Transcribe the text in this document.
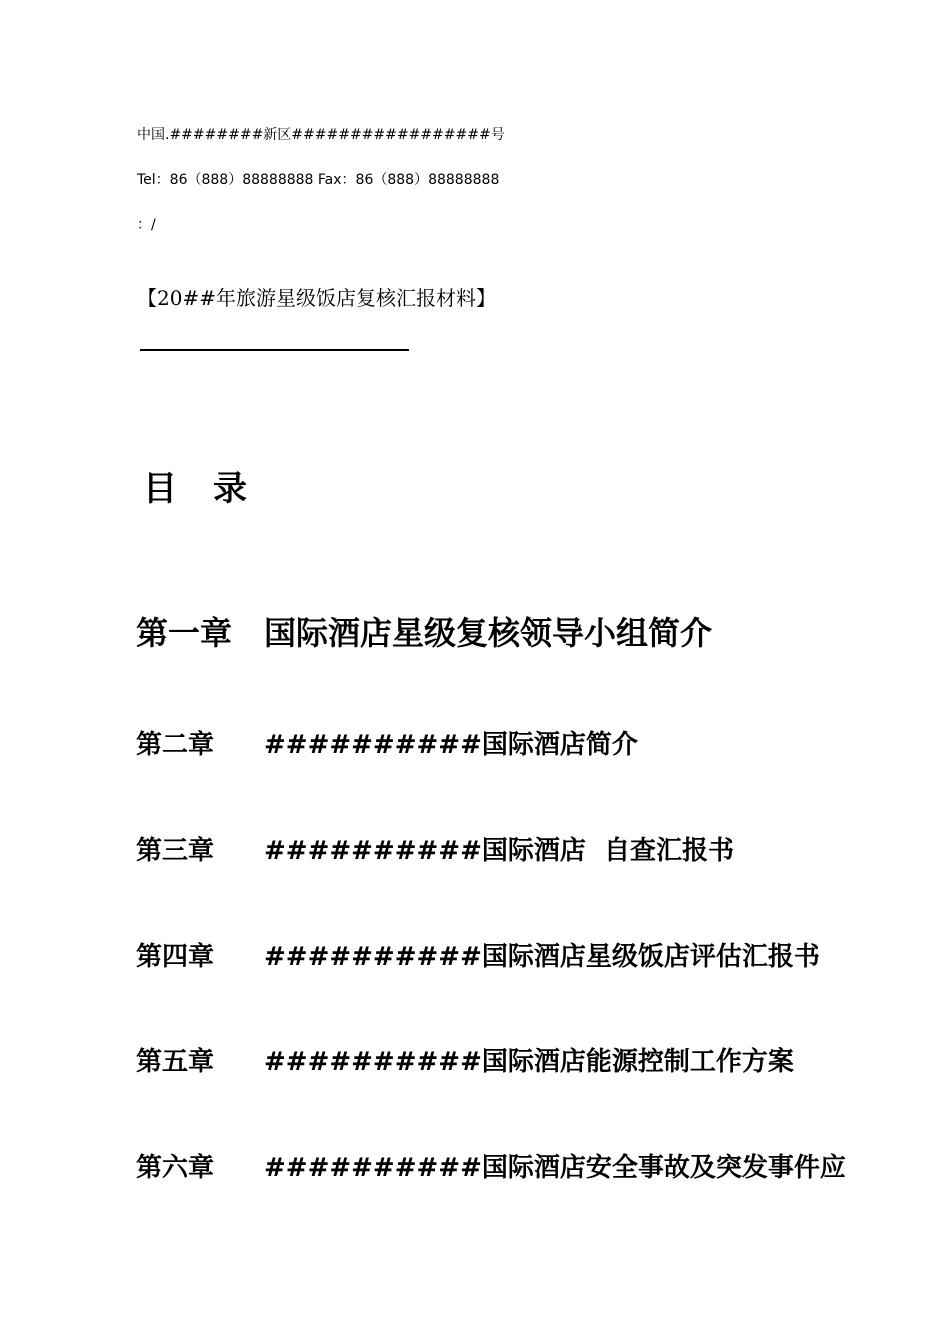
中国.########新区#################号
Tel：86（888）88888888 Fax：86（888）88888888
：/
【20##年旅游星级饭店复核汇报材料】
目 录
第一章 国际酒店星级复核领导小组简介
第二章 ##########国际酒店简介
第三章 ##########国际酒店  自查汇报书
第四章 ##########国际酒店星级饭店评估汇报书
第五章 ##########国际酒店能源控制工作方案
第六章 ##########国际酒店安全事故及突发事件应
